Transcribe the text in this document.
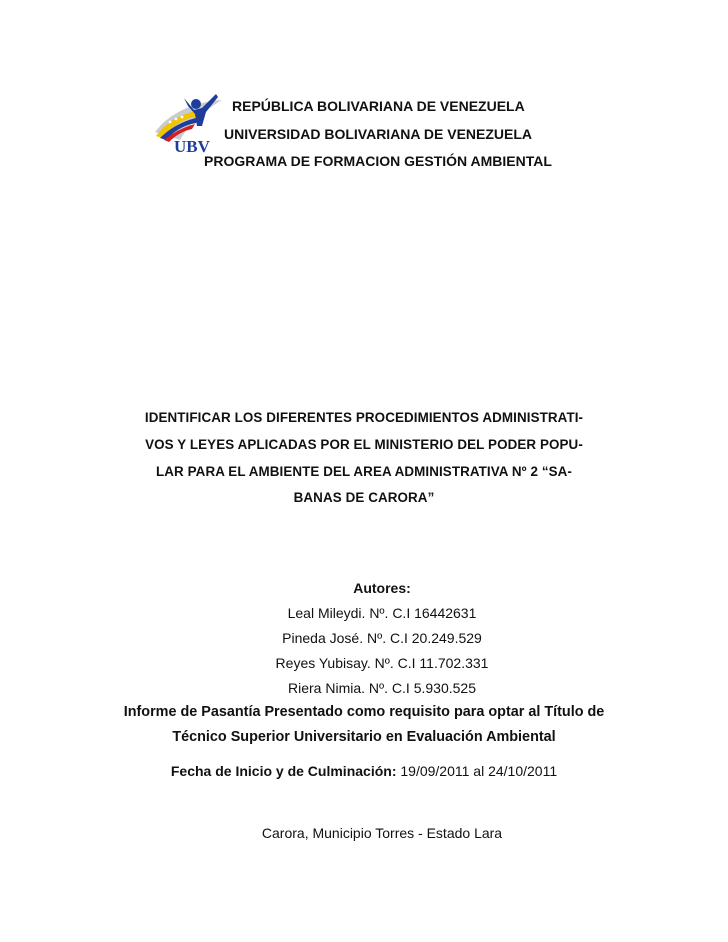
UBV
REPÚBLICA BOLIVARIANA DE VENEZUELA
UNIVERSIDAD BOLIVARIANA DE VENEZUELA
PROGRAMA DE FORMACION GESTIÓN AMBIENTAL
IDENTIFICAR LOS DIFERENTES PROCEDIMIENTOS ADMINISTRATI-
VOS Y LEYES APLICADAS POR EL MINISTERIO DEL PODER POPU-
LAR PARA EL AMBIENTE DEL AREA ADMINISTRATIVA Nº 2 “SA-
BANAS DE CARORA”
Autores:
Leal Mileydi. Nº. C.I 16442631
Pineda José. Nº. C.I 20.249.529
Reyes Yubisay. Nº. C.I 11.702.331
Riera Nimia. Nº. C.I 5.930.525
Informe de Pasantía Presentado como requisito para optar al Título de
Técnico Superior Universitario en Evaluación Ambiental
Fecha de Inicio y de Culminación: 19/09/2011 al 24/10/2011
Carora, Municipio Torres - Estado Lara
